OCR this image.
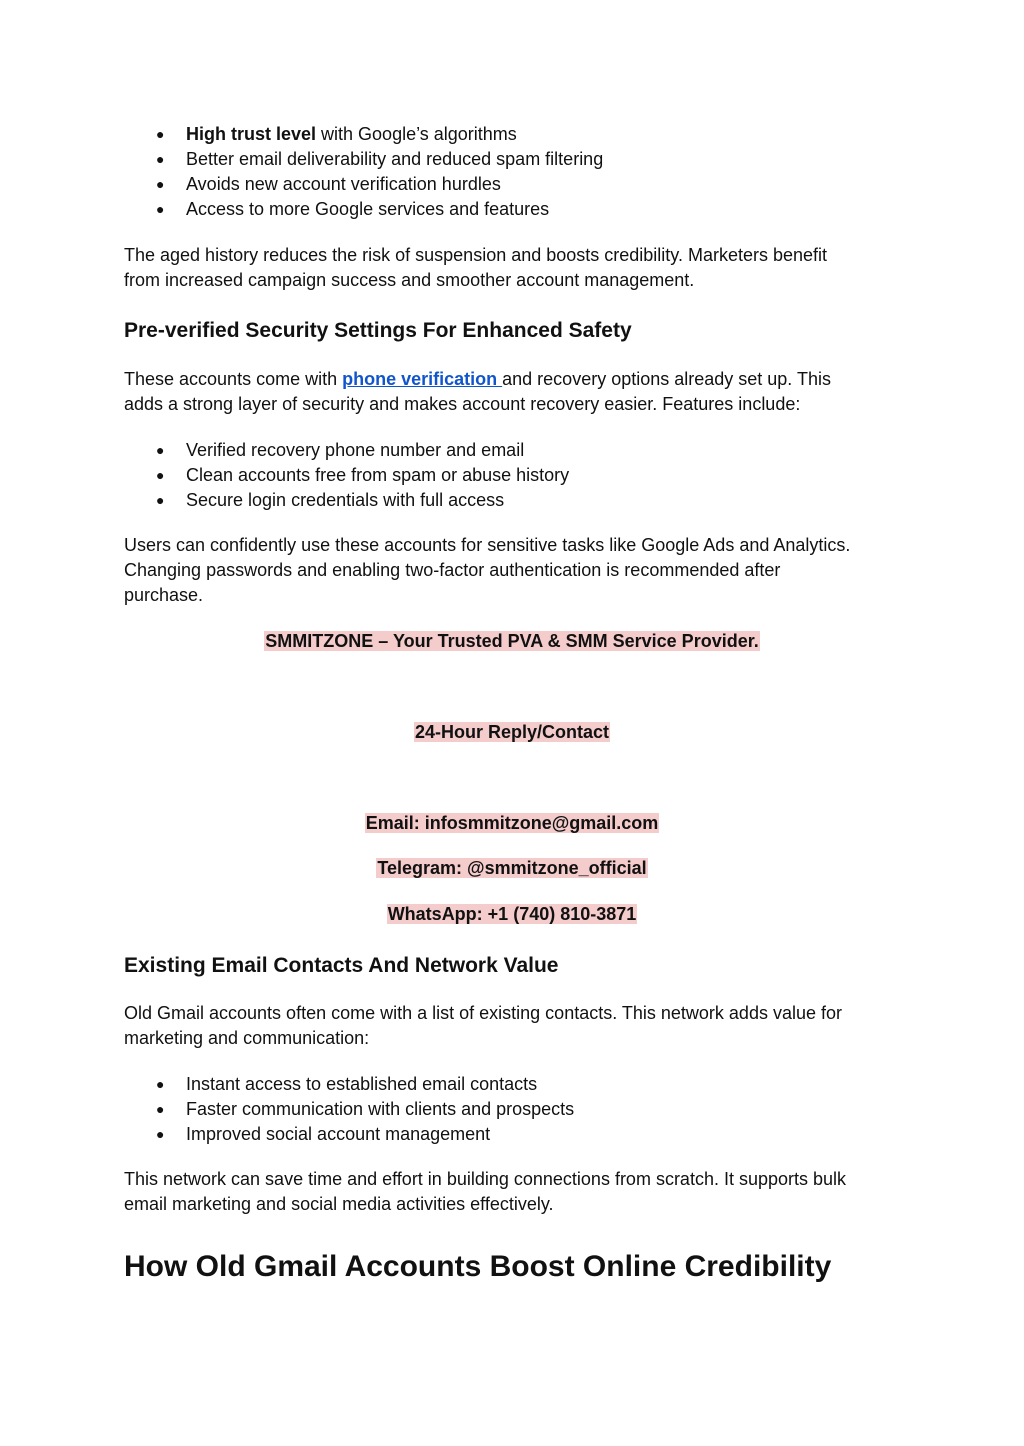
● High trust level with Google’s algorithms
● Better email deliverability and reduced spam filtering
● Avoids new account verification hurdles
● Access to more Google services and features
The aged history reduces the risk of suspension and boosts credibility. Marketers benefit
from increased campaign success and smoother account management.
Pre-verified Security Settings For Enhanced Safety
These accounts come with phone verification and recovery options already set up. This
adds a strong layer of security and makes account recovery easier. Features include:
● Verified recovery phone number and email
● Clean accounts free from spam or abuse history
● Secure login credentials with full access
Users can confidently use these accounts for sensitive tasks like Google Ads and Analytics.
Changing passwords and enabling two-factor authentication is recommended after
purchase.
SMMITZONE – Your Trusted PVA & SMM Service Provider.
24-Hour Reply/Contact
Email: infosmmitzone@gmail.com
Telegram: @smmitzone_official
WhatsApp: +1 (740) 810-3871
Existing Email Contacts And Network Value
Old Gmail accounts often come with a list of existing contacts. This network adds value for
marketing and communication:
● Instant access to established email contacts
● Faster communication with clients and prospects
● Improved social account management
This network can save time and effort in building connections from scratch. It supports bulk
email marketing and social media activities effectively.
How Old Gmail Accounts Boost Online Credibility
